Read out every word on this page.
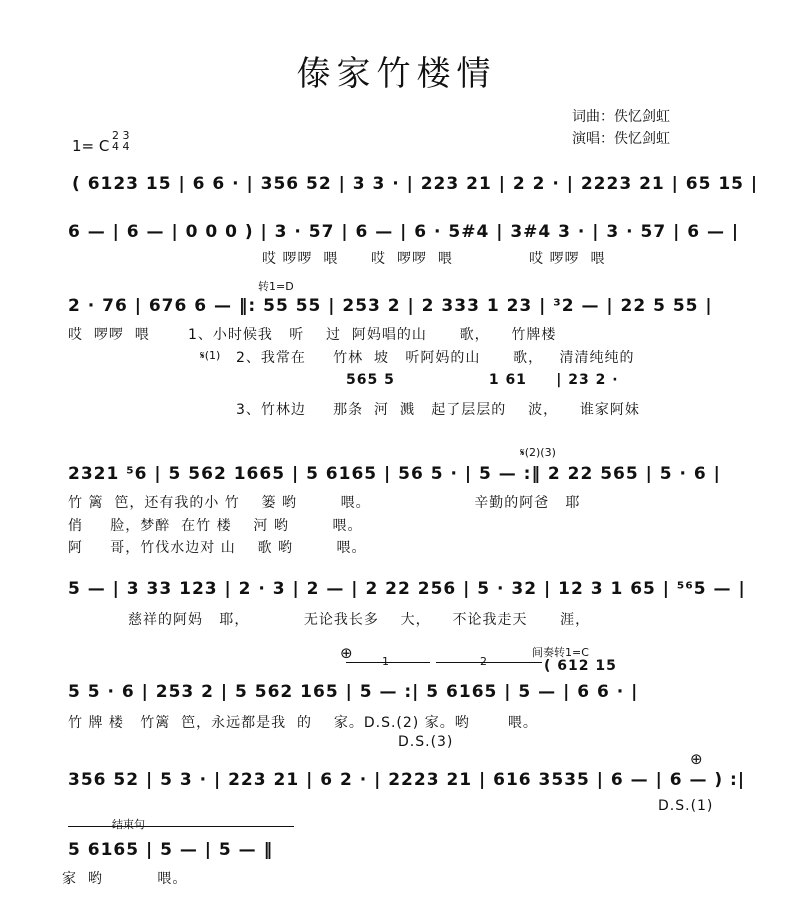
傣家竹楼情
词曲：佚忆剑虹
演唱：佚忆剑虹
1= C
2 3
4 4
( 6123 15 | 6 6 · | 356 52 | 3 3 · | 223 21 | 2 2 · | 2223 21 | 65 15 |
6 — | 6 — | 0 0 0 ) | 3 · 57 | 6 — | 6 · 5#4 | 3#4 3 · | 3 · 57 | 6 — |
哎 啰啰  喂      哎  啰啰  喂              哎 啰啰  喂
转1=D
2 · 76 | 676 6 — ‖: 55 55 | 253 2 | 2 333 1 23 | ³2 — | 22 5 55 |
哎  啰啰  喂       1、小时候我   听    过  阿妈唱的山      歌，    竹牌楼
𝄋(1) 2、我常在     竹林  坡   听阿妈的山      歌，   清清纯纯的
565 5                1 61     | 23 2 ·
3、竹林边     那条  河  溅   起了层层的    波，    谁家阿妹
𝄋(2)(3)
2321 ⁵6 | 5 562 1665 | 5 6165 | 56 5 · | 5 — :‖ 2 22 565 | 5 · 6 |
竹 篱  笆，还有我的小 竹    篓 哟        喂。                   辛勤的阿爸   耶
俏     脸，梦醉  在竹 楼    河 哟        喂。
阿     哥，竹伐水边对 山    歌 哟        喂。
5 — | 3 33 123 | 2 · 3 | 2 — | 2 22 256 | 5 · 32 | 12 3 1 65 | ⁵⁶5 — |
慈祥的阿妈   耶，          无论我长多    大，    不论我走天      涯，
⊕	1	2
间奏转1=C
( 612 15
5 5 · 6 | 253 2 | 5 562 165 | 5 — :| 5 6165 | 5 — | 6 6 · |
竹 牌 楼   竹篱  笆，永远都是我  的    家。D.S.(2) 家。哟       喂。
D.S.(3)
⊕
356 52 | 5 3 · | 223 21 | 6 2 · | 2223 21 | 616 3535 | 6 — | 6 — ) :|
D.S.(1)
结束句
5 6165 | 5 — | 5 — ‖
家  哟          喂。
